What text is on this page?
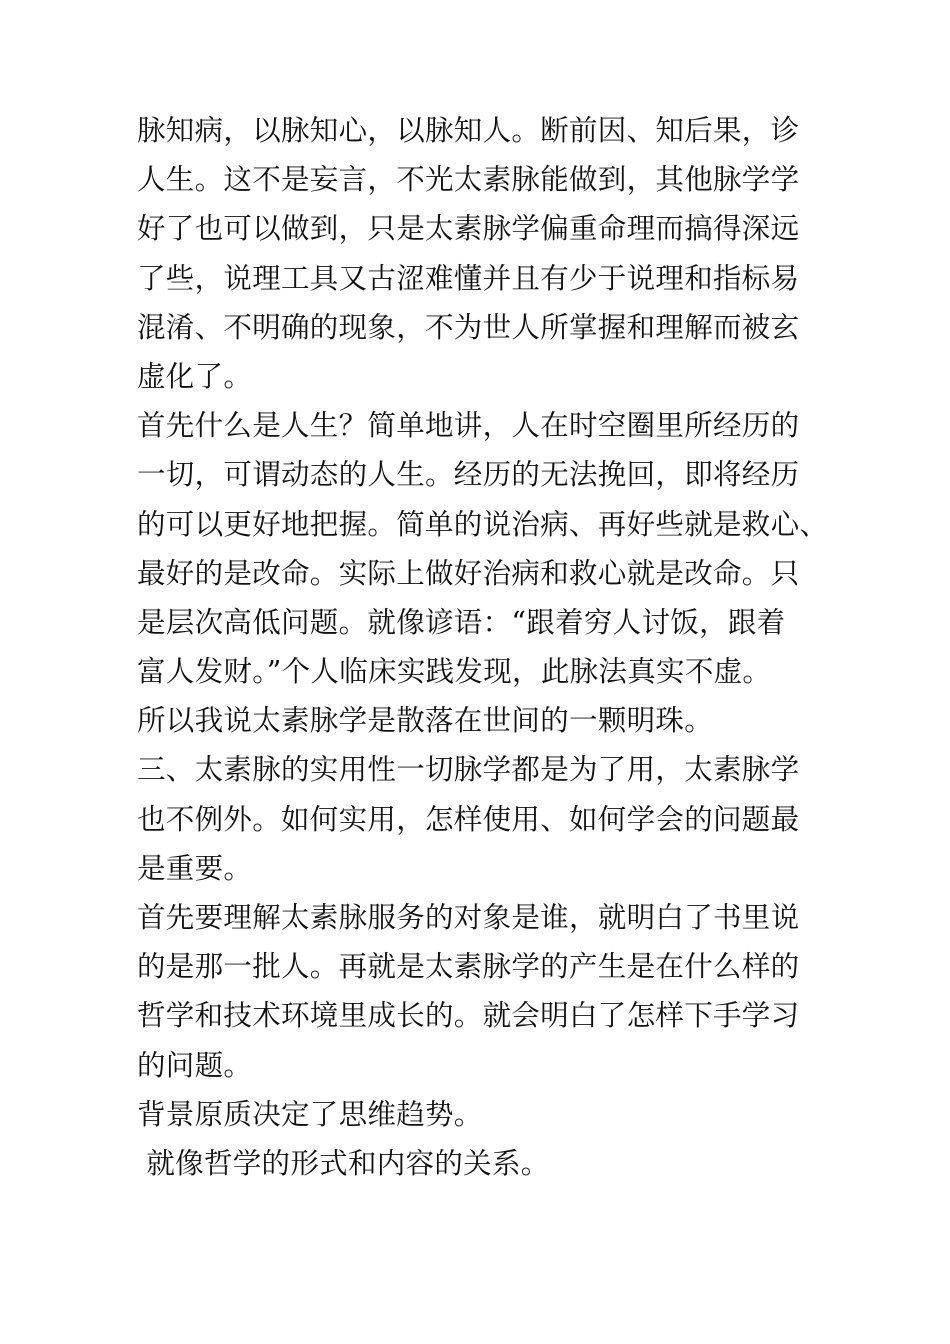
脉知病，以脉知心，以脉知人。断前因、知后果，诊
人生。这不是妄言，不光太素脉能做到，其他脉学学
好了也可以做到，只是太素脉学偏重命理而搞得深远
了些，说理工具又古涩难懂并且有少于说理和指标易
混淆、不明确的现象，不为世人所掌握和理解而被玄
虚化了。
首先什么是人生？简单地讲，人在时空圈里所经历的
一切，可谓动态的人生。经历的无法挽回，即将经历
的可以更好地把握。简单的说治病、再好些就是救心、
最好的是改命。实际上做好治病和救心就是改命。只
是层次高低问题。就像谚语：“跟着穷人讨饭，跟着
富人发财。”个人临床实践发现，此脉法真实不虚。
所以我说太素脉学是散落在世间的一颗明珠。
三、太素脉的实用性一切脉学都是为了用，太素脉学
也不例外。如何实用，怎样使用、如何学会的问题最
是重要。
首先要理解太素脉服务的对象是谁，就明白了书里说
的是那一批人。再就是太素脉学的产生是在什么样的
哲学和技术环境里成长的。就会明白了怎样下手学习
的问题。
背景原质决定了思维趋势。
就像哲学的形式和内容的关系。
